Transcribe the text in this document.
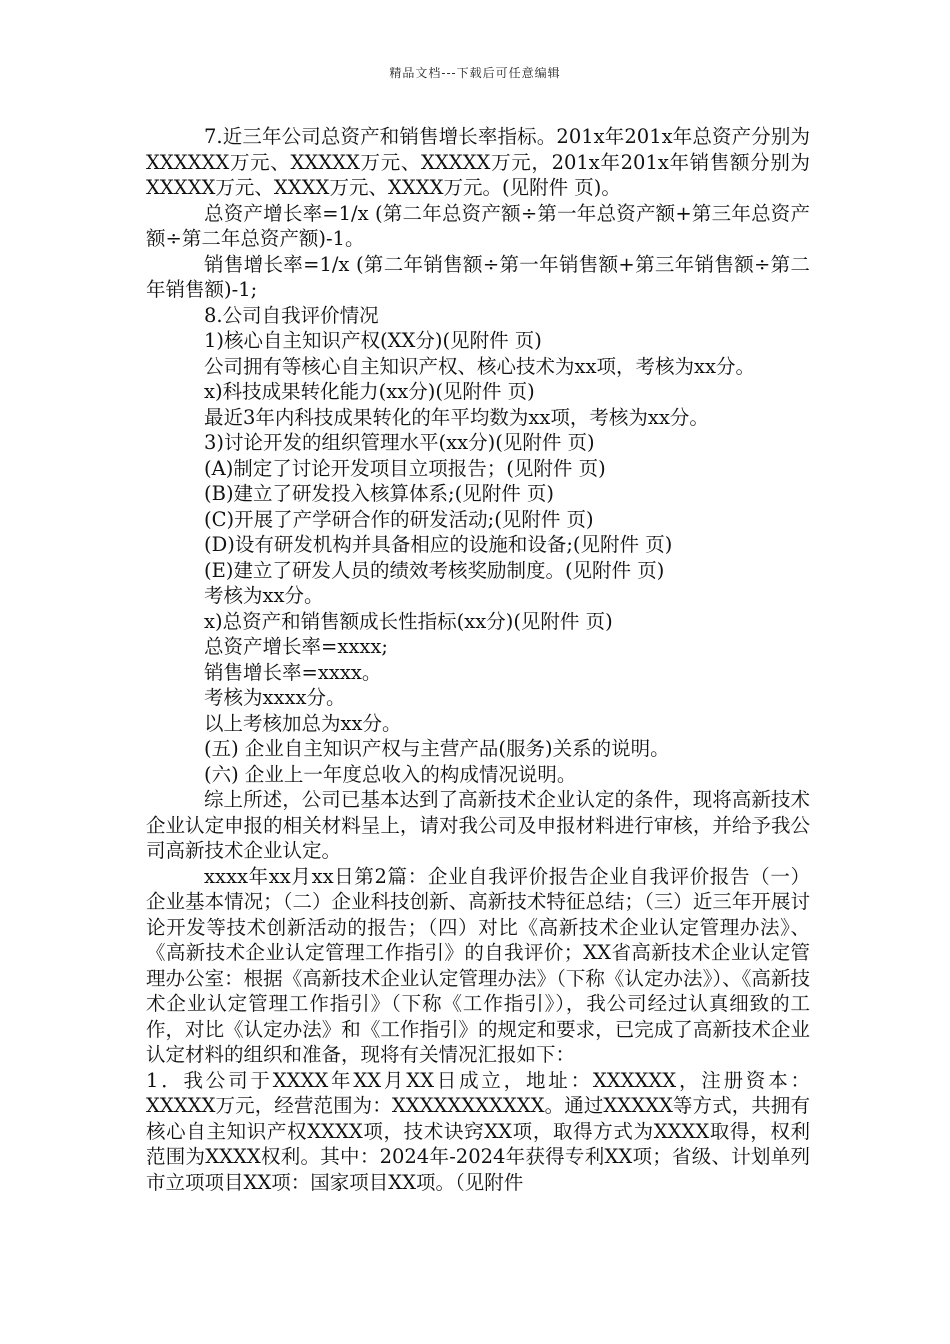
精品文档---下载后可任意编辑

7.近三年公司总资产和销售增长率指标。201x年201x年总资产分别为XXXXXX万元、XXXXX万元、XXXXX万元，201x年201x年销售额分别为XXXXX万元、XXXX万元、XXXX万元。(见附件 页)。

总资产增长率=1/x (第二年总资产额÷第一年总资产额+第三年总资产额÷第二年总资产额)-1。

销售增长率=1/x (第二年销售额÷第一年销售额+第三年销售额÷第二年销售额)-1;

8.公司自我评价情况

1)核心自主知识产权(XX分)(见附件 页)

公司拥有等核心自主知识产权、核心技术为xx项，考核为xx分。

x)科技成果转化能力(xx分)(见附件 页)

最近3年内科技成果转化的年平均数为xx项，考核为xx分。

3)讨论开发的组织管理水平(xx分)(见附件 页)

(A)制定了讨论开发项目立项报告；(见附件 页)

(B)建立了研发投入核算体系;(见附件 页)

(C)开展了产学研合作的研发活动;(见附件 页)

(D)设有研发机构并具备相应的设施和设备;(见附件 页)

(E)建立了研发人员的绩效考核奖励制度。(见附件 页)

考核为xx分。

x)总资产和销售额成长性指标(xx分)(见附件 页)

总资产增长率=xxxx;

销售增长率=xxxx。

考核为xxxx分。

以上考核加总为xx分。

(五) 企业自主知识产权与主营产品(服务)关系的说明。

(六) 企业上一年度总收入的构成情况说明。

综上所述，公司已基本达到了高新技术企业认定的条件，现将高新技术企业认定申报的相关材料呈上，请对我公司及申报材料进行审核，并给予我公司高新技术企业认定。

xxxx年xx月xx日第2篇：企业自我评价报告企业自我评价报告（一）企业基本情况；（二）企业科技创新、高新技术特征总结；（三）近三年开展讨论开发等技术创新活动的报告；（四）对比《高新技术企业认定管理办法》、《高新技术企业认定管理工作指引》的自我评价；XX省高新技术企业认定管理办公室：根据《高新技术企业认定管理办法》（下称《认定办法》）、《高新技术企业认定管理工作指引》（下称《工作指引》），我公司经过认真细致的工作，对比《认定办法》和《工作指引》的规定和要求，已完成了高新技术企业认定材料的组织和准备，现将有关情况汇报如下：

1．我公司于XXXX年XX月XX日成立，地址：XXXXXX，注册资本：XXXXX万元，经营范围为：XXXXXXXXXXX。通过XXXXX等方式，共拥有核心自主知识产权XXXX项，技术诀窍XX项，取得方式为XXXX取得，权利范围为XXXX权利。其中：2024年-2024年获得专利XX项；省级、计划单列市立项项目XX项：国家项目XX项。（见附件
